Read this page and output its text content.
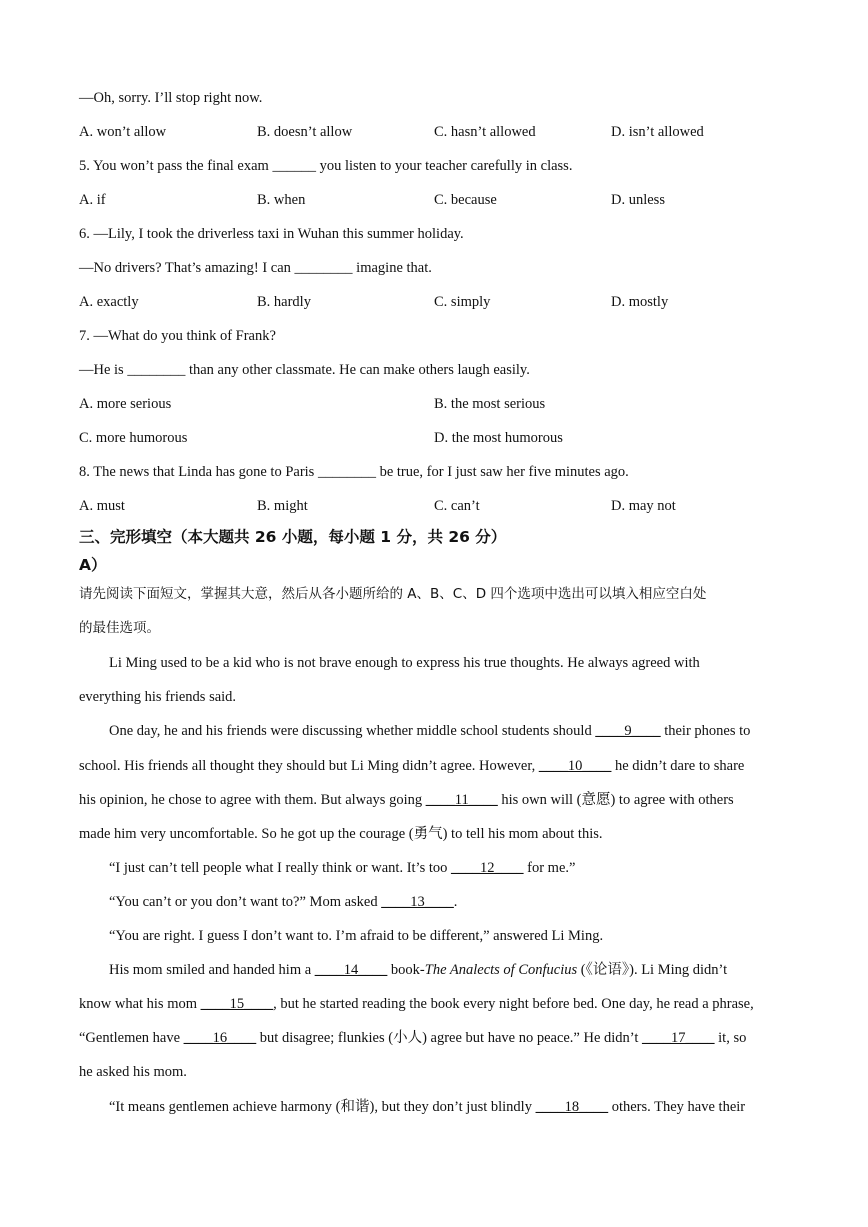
—Oh, sorry. I’ll stop right now.
A. won’t allow	B. doesn’t allow	C. hasn’t allowed	D. isn’t allowed
5. You won’t pass the final exam ______ you listen to your teacher carefully in class.
A. if	B. when	C. because	D. unless
6. —Lily, I took the driverless taxi in Wuhan this summer holiday.
—No drivers? That’s amazing! I can ________ imagine that.
A. exactly	B. hardly	C. simply	D. mostly
7. —What do you think of Frank?
—He is ________ than any other classmate. He can make others laugh easily.
A. more serious	B. the most serious
C. more humorous	D. the most humorous
8. The news that Linda has gone to Paris ________ be true, for I just saw her five minutes ago.
A. must	B. might	C. can’t	D. may not
三、完形填空（本大题共 26 小题，每小题 1 分，共 26 分）
A）
请先阅读下面短文，掌握其大意，然后从各小题所给的 A、B、C、D 四个选项中选出可以填入相应空白处
的最佳选项。
Li Ming used to be a kid who is not brave enough to express his true thoughts. He always agreed with
everything his friends said.
One day, he and his friends were discussing whether middle school students should ____9____ their phones to
school. His friends all thought they should but Li Ming didn’t agree. However, ____10____ he didn’t dare to share
his opinion, he chose to agree with them. But always going ____11____ his own will (意愿) to agree with others
made him very uncomfortable. So he got up the courage (勇气) to tell his mom about this.
“I just can’t tell people what I really think or want. It’s too ____12____ for me.”
“You can’t or you don’t want to?” Mom asked ____13____.
“You are right. I guess I don’t want to. I’m afraid to be different,” answered Li Ming.
His mom smiled and handed him a ____14____ book-The Analects of Confucius (《论语》). Li Ming didn’t
know what his mom ____15____, but he started reading the book every night before bed. One day, he read a phrase,
“Gentlemen have ____16____ but disagree; flunkies (小人) agree but have no peace.” He didn’t ____17____ it, so
he asked his mom.
“It means gentlemen achieve harmony (和谐), but they don’t just blindly ____18____ others. They have their
